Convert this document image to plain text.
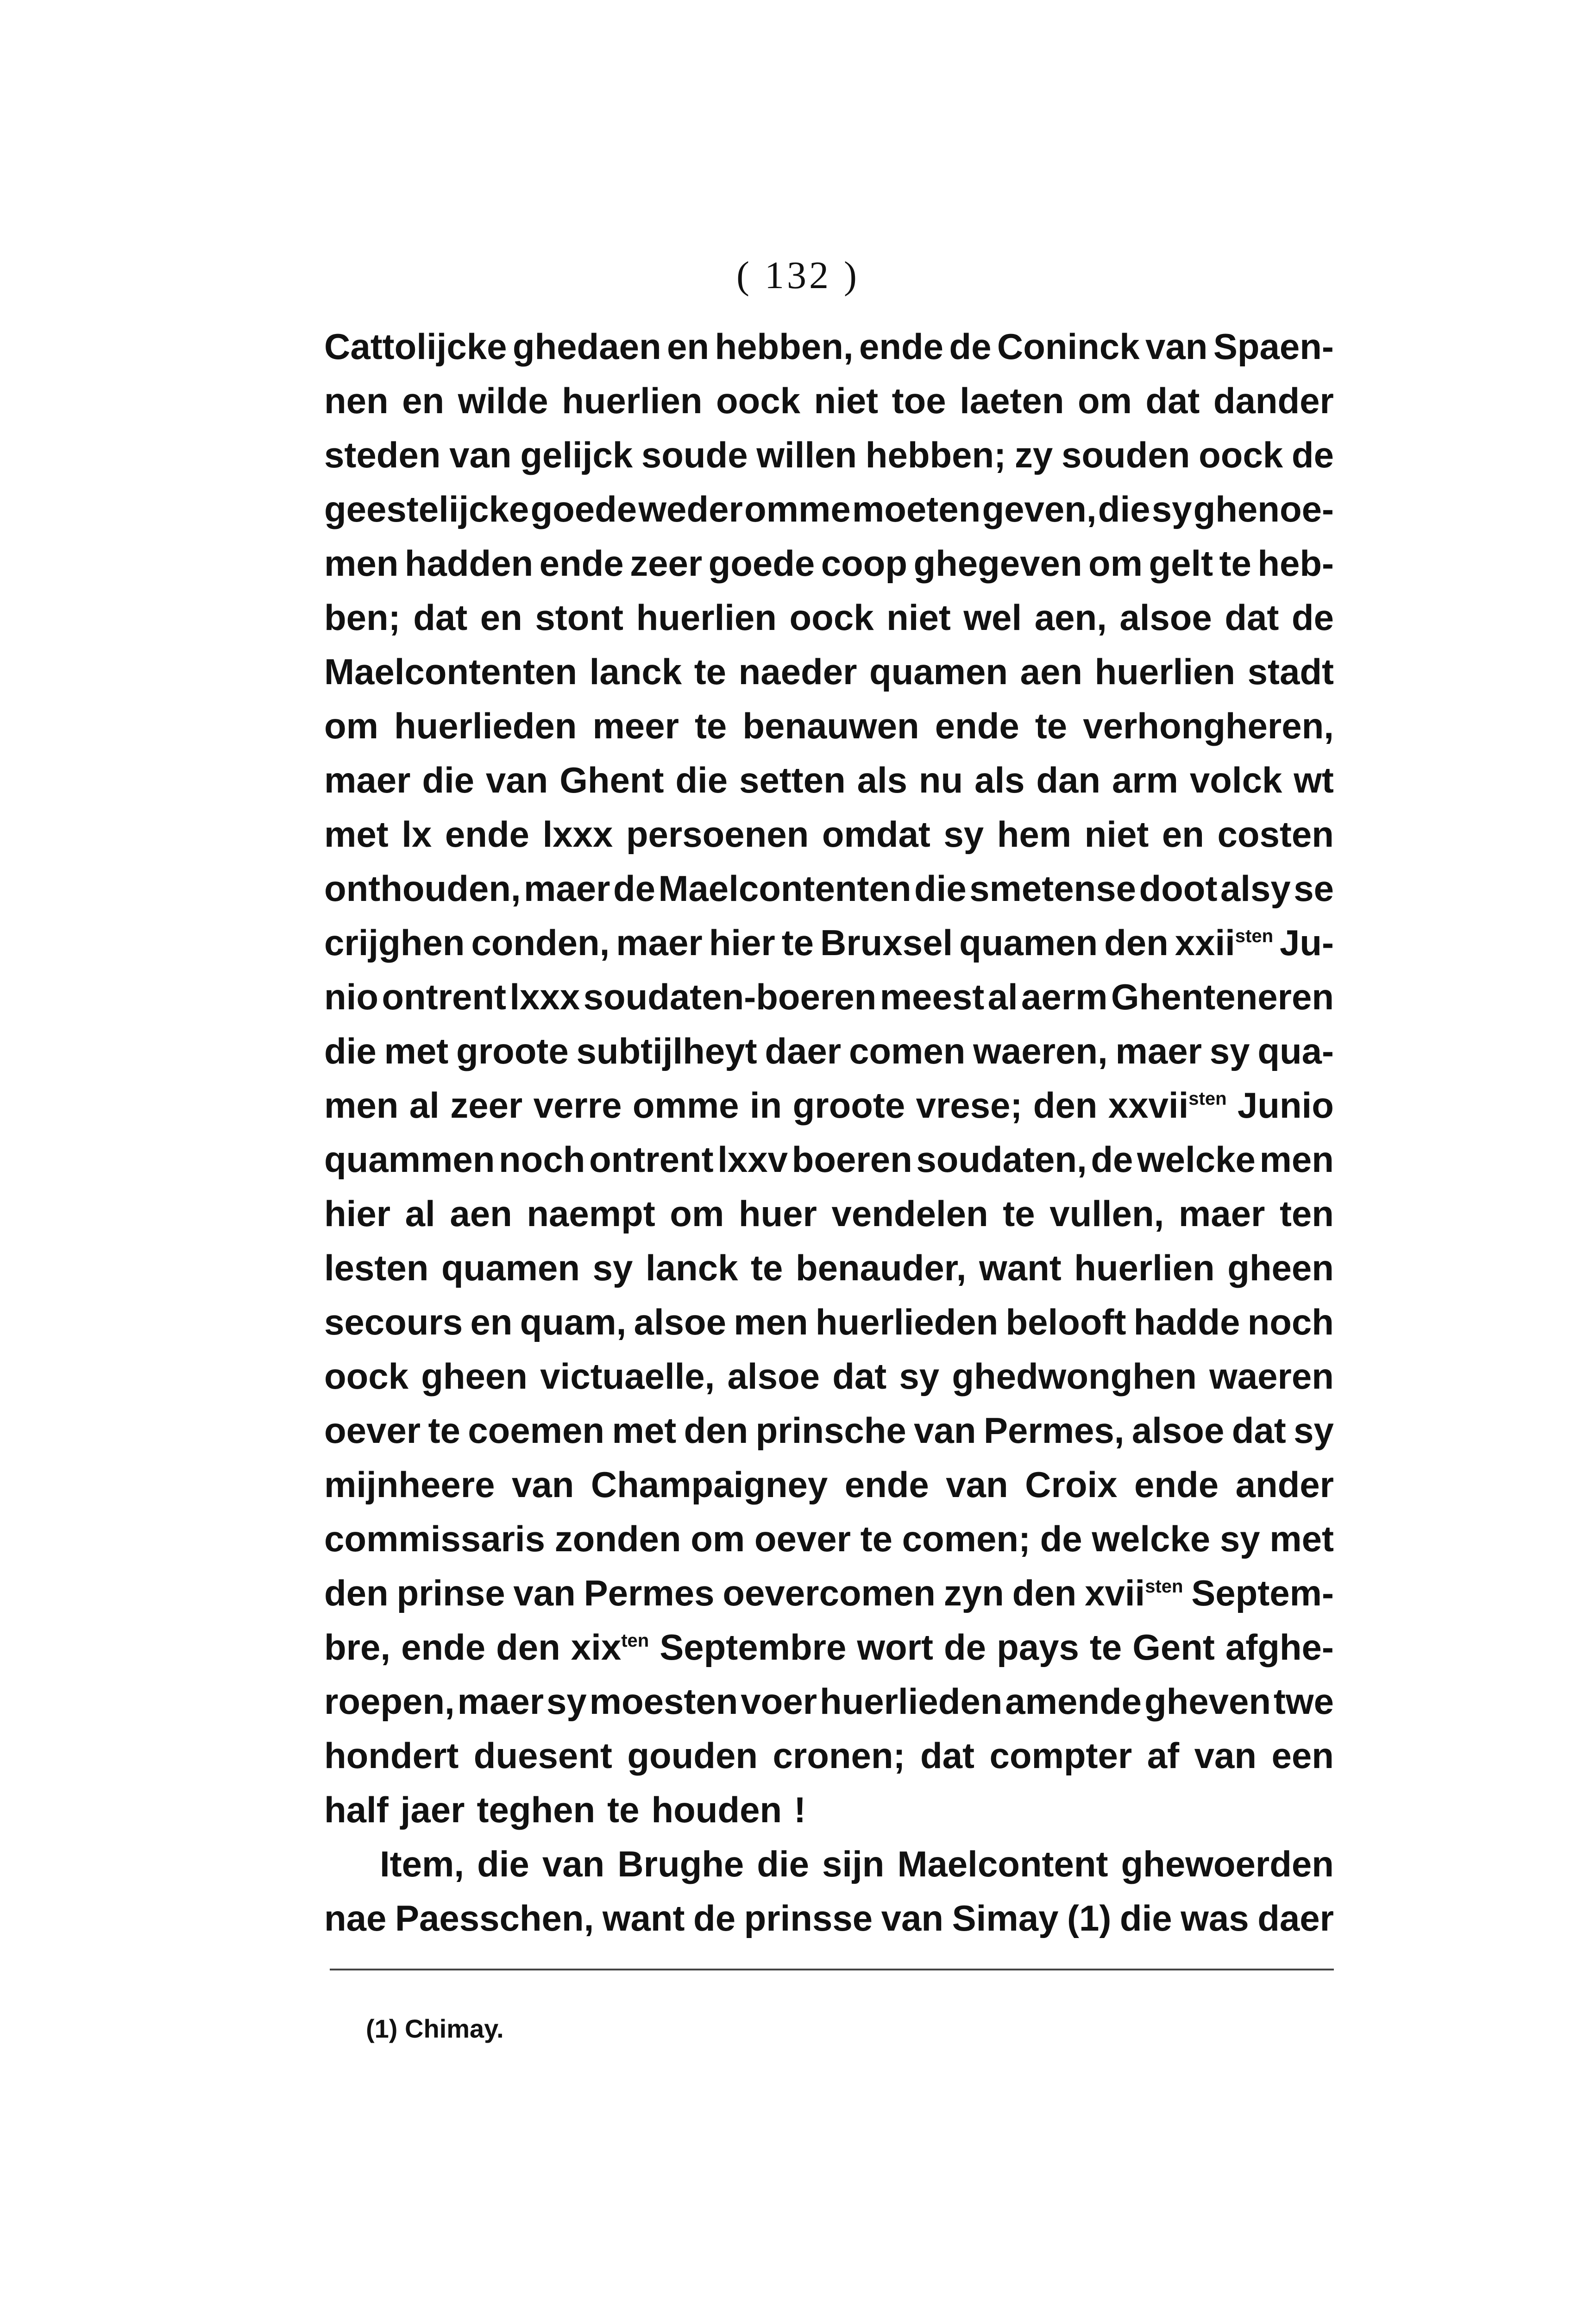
( 132 )
Cattolijcke ghedaen en hebben, ende de Coninck van Spaen-
nen en wilde huerlien oock niet toe laeten om dat dander
steden van gelijck soude willen hebben; zy souden oock de
geestelijcke goede weder omme moeten geven, die sy ghenoe-
men hadden ende zeer goede coop ghegeven om gelt te heb-
ben; dat en stont huerlien oock niet wel aen, alsoe dat de
Maelcontenten lanck te naeder quamen aen huerlien stadt
om huerlieden meer te benauwen ende te verhongheren,
maer die van Ghent die setten als nu als dan arm volck wt
met lx ende lxxx persoenen omdat sy hem niet en costen
onthouden, maer de Maelcontenten die smetense doot alsy se
crijghen conden, maer hier te Bruxsel quamen den xxii$^{sten}$ Ju-
nio ontrent lxxx soudaten-boeren meest al aerm Ghenteneren
die met groote subtijlheyt daer comen waeren, maer sy qua-
men al zeer verre omme in groote vrese; den xxvii$^{sten}$ Junio
quammen noch ontrent lxxv boeren soudaten, de welcke men
hier al aen naempt om huer vendelen te vullen, maer ten
lesten quamen sy lanck te benauder, want huerlien gheen
secours en quam, alsoe men huerlieden belooft hadde noch
oock gheen victuaelle, alsoe dat sy ghedwonghen waeren
oever te coemen met den prinsche van Permes, alsoe dat sy
mijnheere van Champaigney ende van Croix ende ander
commissaris zonden om oever te comen; de welcke sy met
den prinse van Permes oevercomen zyn den xvii$^{sten}$ Septem-
bre, ende den xix$^{ten}$ Septembre wort de pays te Gent afghe-
roepen, maer sy moesten voer huerlieden amende gheven twe
hondert duesent gouden cronen; dat compter af van een
half jaer teghen te houden !
Item, die van Brughe die sijn Maelcontent ghewoerden
nae Paesschen, want de prinsse van Simay (1) die was daer
(1) Chimay.
